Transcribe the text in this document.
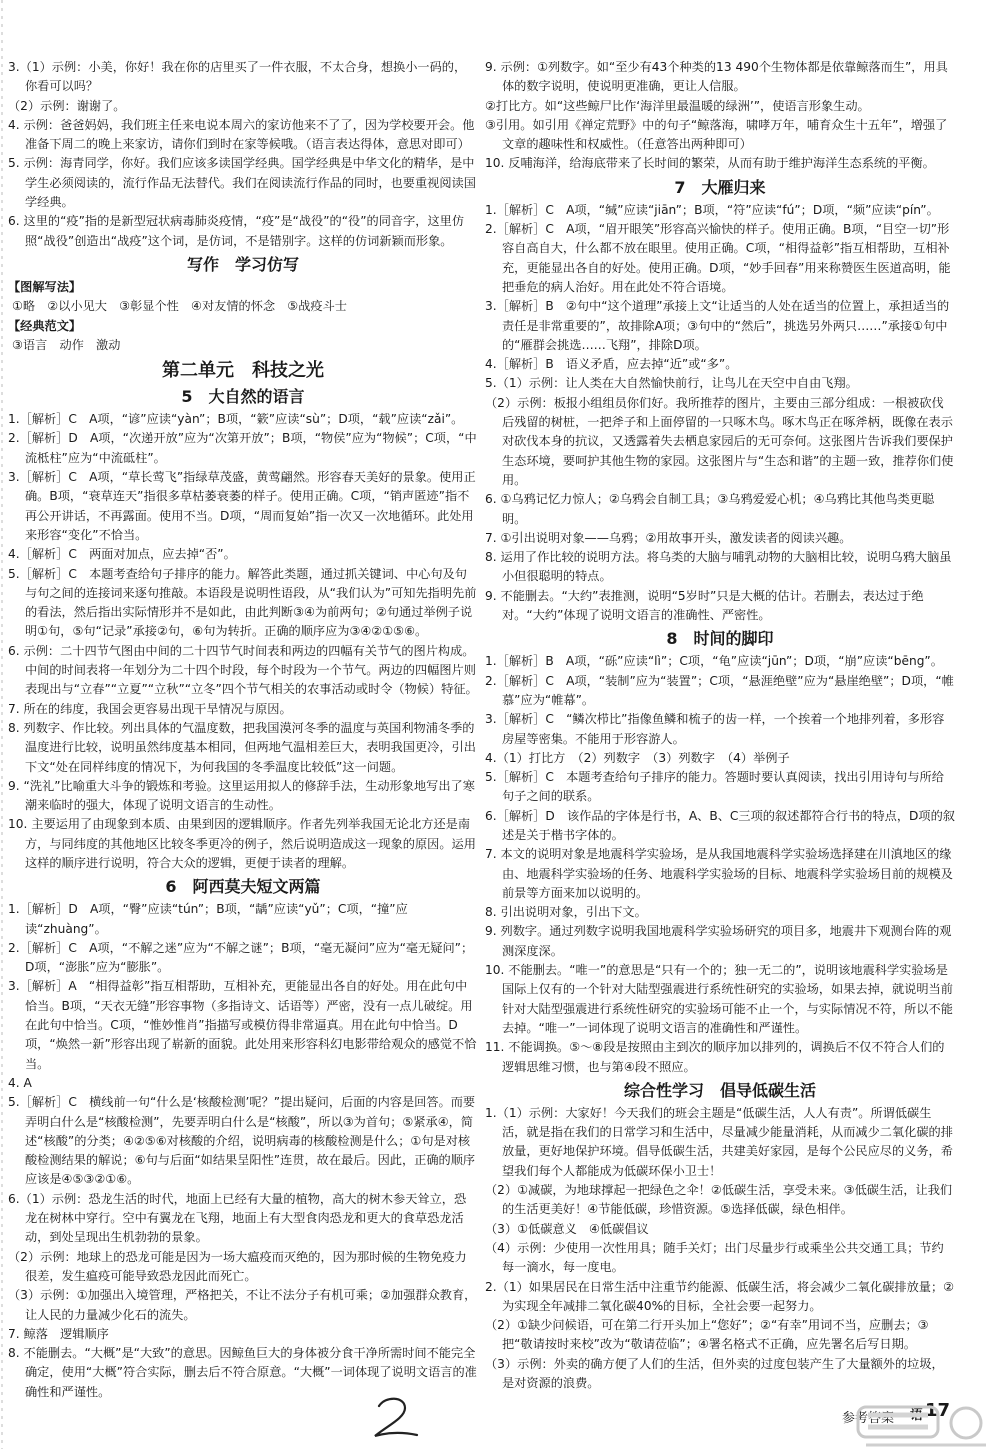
3.（1）示例：小美，你好！我在你的店里买了一件衣服，不太合身，想换小一码的，你看可以吗？
（2）示例：谢谢了。
4. 示例：爸爸妈妈，我们班主任来电说本周六的家访他来不了了，因为学校要开会。他准备下周二的晚上来家访，请你们到时在家等候哦。（语言表达得体，意思对即可）
5. 示例：海青同学，你好。我们应该多读国学经典。国学经典是中华文化的精华，是中学生必须阅读的，流行作品无法替代。我们在阅读流行作品的同时，也要重视阅读国学经典。
6. 这里的“疫”指的是新型冠状病毒肺炎疫情，“疫”是“战役”的“役”的同音字，这里仿照“战役”创造出“战疫”这个词，是仿词，不是错别字。这样的仿词新颖而形象。
写作　学习仿写
【图解写法】
①略　②以小见大　③彰显个性　④对友情的怀念　⑤战疫斗士
【经典范文】
③语言　动作　激动
第二单元　科技之光
5　大自然的语言
1.［解析］C　A项，“谚”应读“yàn”；B项，“簌”应读“sù”；D项，“载”应读“zǎi”。
2.［解析］D　A项，“次递开放”应为“次第开放”；B项，“物侯”应为“物候”；C项，“中流柢柱”应为“中流砥柱”。
3.［解析］C　A项，“草长莺飞”指绿草茂盛，黄莺翩然。形容春天美好的景象。使用正确。B项，“衰草连天”指很多草枯萎衰萎的样子。使用正确。C项，“销声匿迹”指不再公开讲话，不再露面。使用不当。D项，“周而复始”指一次又一次地循环。此处用来形容“变化”不恰当。
4.［解析］C　两面对加点，应去掉“否”。
5.［解析］C　本题考查给句子排序的能力。解答此类题，通过抓关键词、中心句及句与句之间的连接词来逐句推敲。本语段是说明性语段，从“我们认为”可知先指明先前的看法，然后指出实际情形并不是如此，由此判断③④为前两句；②句通过举例子说明①句，⑤句“记录”承接②句，⑥句为转折。正确的顺序应为③④②①⑤⑥。
6. 示例：二十四节气图由中间的二十四节气时间表和两边的四幅有关节气的图片构成。中间的时间表将一年划分为二十四个时段，每个时段为一个节气。两边的四幅图片则表现出与“立春”“立夏”“立秋”“立冬”四个节气相关的农事活动或时令（物候）特征。
7. 所在的纬度，我国会更容易出现干旱情况与原因。
8. 列数字、作比较。列出具体的气温度数，把我国漠河冬季的温度与英国利物浦冬季的温度进行比较，说明虽然纬度基本相同，但两地气温相差巨大，表明我国更冷，引出下文“处在同样纬度的情况下，为何我国的冬季温度比较低”这一问题。
9. “洗礼”比喻重大斗争的锻炼和考验。这里运用拟人的修辞手法，生动形象地写出了寒潮来临时的强大，体现了说明文语言的生动性。
10. 主要运用了由现象到本质、由果到因的逻辑顺序。作者先列举我国无论北方还是南方，与同纬度的其他地区比较冬季更冷的例子，然后说明造成这一现象的原因。运用这样的顺序进行说明，符合大众的逻辑，更便于读者的理解。
6　阿西莫夫短文两篇
1.［解析］D　A项，“臀”应读“tún”；B项，“龋”应读“yǔ”；C项，“撞”应读“zhuàng”。
2.［解析］C　A项，“不解之迷”应为“不解之谜”；B项，“毫无凝问”应为“毫无疑问”；D项，“澎胀”应为“膨胀”。
3.［解析］A　“相得益彰”指互相帮助，互相补充，更能显出各自的好处。用在此句中恰当。B项，“天衣无缝”形容事物（多指诗文、话语等）严密，没有一点儿破绽。用在此句中恰当。C项，“惟妙惟肖”指描写或模仿得非常逼真。用在此句中恰当。D项，“焕然一新”形容出现了崭新的面貌。此处用来形容科幻电影带给观众的感觉不恰当。
4. A
5.［解析］C　横线前一句“什么是‘核酸检测’呢？”提出疑问，后面的内容是回答。而要弄明白什么是“核酸检测”，先要弄明白什么是“核酸”，所以③为首句；⑤紧承④，简述“核酸”的分类；④②⑤⑥对核酸的介绍，说明病毒的核酸检测是什么；①句是对核酸检测结果的解说；⑥句与后面“如结果呈阳性”连贯，故在最后。因此，正确的顺序应该是④⑤③②①⑥。
6.（1）示例：恐龙生活的时代，地面上已经有大量的植物，高大的树木参天耸立，恐龙在树林中穿行。空中有翼龙在飞翔，地面上有大型食肉恐龙和更大的食草恐龙活动，到处呈现出生机勃勃的景象。
（2）示例：地球上的恐龙可能是因为一场大瘟疫而灭绝的，因为那时候的生物免疫力很差，发生瘟疫可能导致恐龙因此而死亡。
（3）示例：①加强出入境管理，严格把关，不让不法分子有机可乘；②加强群众教育，让人民的力量减少化石的流失。
7. 鲸落　逻辑顺序
8. 不能删去。“大概”是“大致”的意思。因鲸鱼巨大的身体被分食干净所需时间不能完全确定，使用“大概”符合实际，删去后不符合原意。“大概”一词体现了说明文语言的准确性和严谨性。
9. 示例：①列数字。如“至少有43个种类的13 490个生物体都是依靠鲸落而生”，用具体的数字说明，使说明更准确，更让人信服。
②打比方。如“这些鲸尸比作‘海洋里最温暖的绿洲’”，使语言形象生动。
③引用。如引用《禅定荒野》中的句子“鲸落海，啸哮万年，哺育众生十五年”，增强了文章的趣味性和权威性。（任意答出两种即可）
10. 反哺海洋，给海底带来了长时间的繁荣，从而有助于维护海洋生态系统的平衡。
7　大雁归来
1.［解析］C　A项，“缄”应读“jiān”；B项，“符”应读“fú”；D项，“频”应读“pín”。
2.［解析］C　A项，“眉开眼笑”形容高兴愉快的样子。使用正确。B项，“目空一切”形容自高自大，什么都不放在眼里。使用正确。C项，“相得益彰”指互相帮助，互相补充，更能显出各自的好处。使用正确。D项，“妙手回春”用来称赞医生医道高明，能把垂危的病人治好。用在此处不符合语境。
3.［解析］B　②句中“这个道理”承接上文“让适当的人处在适当的位置上，承担适当的责任是非常重要的”，故排除A项；③句中的“然后”，挑选另外两只……”承接①句中的“雁群会挑选……飞翔”，排除D项。
4.［解析］B　语义矛盾，应去掉“近”或“多”。
5.（1）示例：让人类在大自然愉快前行，让鸟儿在天空中自由飞翔。
（2）示例：板报小组组员你们好。我所推荐的图片，主要由三部分组成：一根被砍伐后残留的树桩，一把斧子和上面停留的一只啄木鸟。啄木鸟正在啄斧柄，既像在表示对砍伐本身的抗议，又透露着失去栖息家园后的无可奈何。这张图片告诉我们要保护生态环境，要呵护其他生物的家园。这张图片与“生态和谐”的主题一致，推荐你们使用。
6. ①乌鸦记忆力惊人；②乌鸦会自制工具；③乌鸦爱爱心机；④乌鸦比其他鸟类更聪明。
7. ①引出说明对象——乌鸦；②用故事开头，激发读者的阅读兴趣。
8. 运用了作比较的说明方法。将乌类的大脑与哺乳动物的大脑相比较，说明乌鸦大脑虽小但很聪明的特点。
9. 不能删去。“大约”表推测，说明“5岁时”只是大概的估计。若删去，表达过于绝对。“大约”体现了说明文语言的准确性、严密性。
8　时间的脚印
1.［解析］B　A项，“砾”应读“lì”；C项，“龟”应读“jūn”；D项，“崩”应读“bēng”。
2.［解析］C　A项，“装制”应为“装置”；C项，“悬涯绝壁”应为“悬崖绝壁”；D项，“帷慕”应为“帷幕”。
3.［解析］C　“鳞次栉比”指像鱼鳞和梳子的齿一样，一个挨着一个地排列着，多形容房屋等密集。不能用于形容游人。
4.（1）打比方　（2）列数字　（3）列数字　（4）举例子
5.［解析］C　本题考查给句子排序的能力。答题时要认真阅读，找出引用诗句与所给句子之间的联系。
6.［解析］D　该作品的字体是行书，A、B、C三项的叙述都符合行书的特点，D项的叙述是关于楷书字体的。
7. 本文的说明对象是地震科学实验场，是从我国地震科学实验场选择建在川滇地区的缘由、地震科学实验场的任务、地震科学实验场的目标、地震科学实验场目前的规模及前景等方面来加以说明的。
8. 引出说明对象，引出下文。
9. 列数字。通过列数字说明我国地震科学实验场研究的项目多，地震井下观测台阵的观测深度深。
10. 不能删去。“唯一”的意思是“只有一个的；独一无二的”，说明该地震科学实验场是国际上仅有的一个针对大陆型强震进行系统性研究的实验场，如果去掉，就说明当前针对大陆型强震进行系统性研究的实验场可能不止一个，与实际情况不符，所以不能去掉。“唯一”一词体现了说明文语言的准确性和严谨性。
11. 不能调换。⑤～⑧段是按照由主到次的顺序加以排列的，调换后不仅不符合人们的逻辑思维习惯，也与第④段不照应。
综合性学习　倡导低碳生活
1.（1）示例：大家好！今天我们的班会主题是“低碳生活，人人有责”。所谓低碳生活，就是指在我们的日常学习和生活中，尽量减少能量消耗，从而减少二氧化碳的排放量，更好地保护环境。倡导低碳生活，共建美好家园，是每个公民应尽的义务，希望我们每个人都能成为低碳环保小卫士！
（2）①减碳，为地球撑起一把绿色之伞！②低碳生活，享受未来。③低碳生活，让我们的生活更美好！④节能低碳，珍惜资源。⑤选择低碳，绿色相伴。
（3）①低碳意义　④低碳倡议
（4）示例：少使用一次性用具；随手关灯；出门尽量步行或乘坐公共交通工具；节约每一滴水，每一度电。
2.（1）如果居民在日常生活中注重节约能源、低碳生活，将会减少二氧化碳排放量；②为实现全年减排二氧化碳40%的目标，全社会要一起努力。
（2）①缺少问候语，可在第二行开头加上“您好”；②“有幸”用词不当，应删去；③把“敬请按时来校”改为“敬请莅临”；④署名格式不正确，应先署名后写日期。
（3）示例：外卖的确方便了人们的生活，但外卖的过度包装产生了大量额外的垃圾，是对资源的浪费。
参考答案 17
